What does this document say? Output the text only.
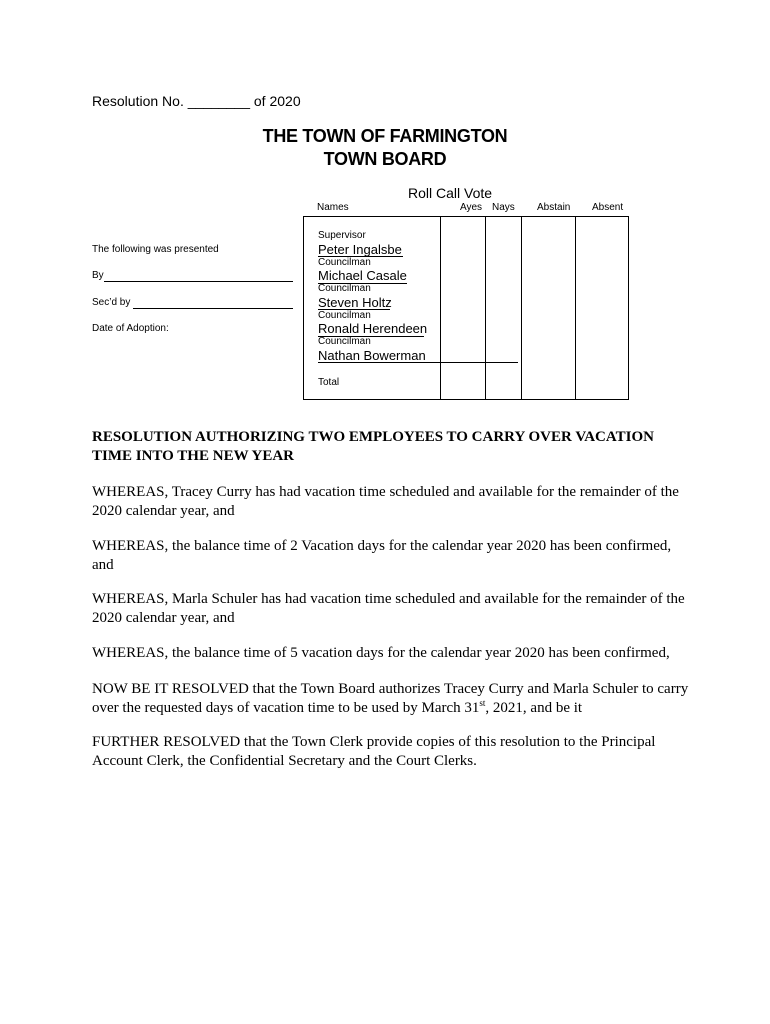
Resolution No. ________ of 2020
THE TOWN OF FARMINGTON
TOWN BOARD
Roll Call Vote
Names	Ayes Nays Abstain Absent
Supervisor
Peter Ingalsbe
Councilman
Michael Casale
Councilman
Steven Holtz
Councilman
Ronald Herendeen
Councilman
Nathan Bowerman
Total
The following was presented
By
Sec’d by
Date of Adoption:
RESOLUTION AUTHORIZING TWO EMPLOYEES TO CARRY OVER VACATION TIME INTO THE NEW YEAR
WHEREAS, Tracey Curry has had vacation time scheduled and available for the remainder of the 2020 calendar year, and
WHEREAS, the balance time of 2 Vacation days for the calendar year 2020 has been confirmed, and
WHEREAS, Marla Schuler has had vacation time scheduled and available for the remainder of the 2020 calendar year, and
WHEREAS, the balance time of 5 vacation days for the calendar year 2020 has been confirmed,
NOW BE IT RESOLVED that the Town Board authorizes Tracey Curry and Marla Schuler to carry over the requested days of vacation time to be used by March 31st, 2021, and be it
FURTHER RESOLVED that the Town Clerk provide copies of this resolution to the Principal Account Clerk, the Confidential Secretary and the Court Clerks.
